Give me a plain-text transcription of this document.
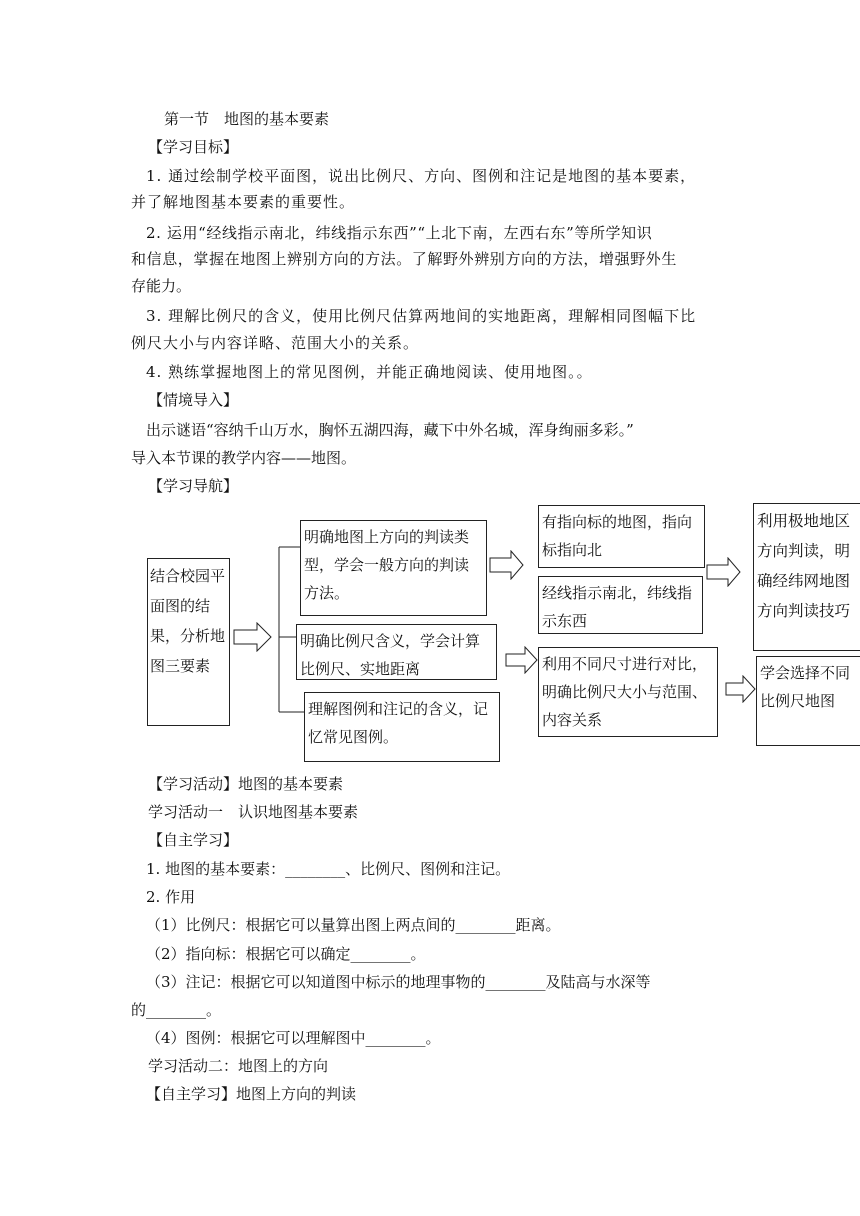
第一节　地图的基本要素
【学习目标】
1. 通过绘制学校平面图，说出比例尺、方向、图例和注记是地图的基本要素，
并了解地图基本要素的重要性。
2. 运用“经线指示南北，纬线指示东西”“上北下南，左西右东”等所学知识
和信息，掌握在地图上辨别方向的方法。了解野外辨别方向的方法，增强野外生
存能力。
3. 理解比例尺的含义，使用比例尺估算两地间的实地距离，理解相同图幅下比
例尺大小与内容详略、范围大小的关系。
4. 熟练掌握地图上的常见图例，并能正确地阅读、使用地图。。
【情境导入】
出示谜语“容纳千山万水，胸怀五湖四海，藏下中外名城，浑身绚丽多彩。”
导入本节课的教学内容——地图。
【学习导航】
结合校园平面图的结果，分析地图三要素
明确地图上方向的判读类型，学会一般方向的判读方法。
明确比例尺含义，学会计算比例尺、实地距离
理解图例和注记的含义，记忆常见图例。
有指向标的地图，指向标指向北
经线指示南北，纬线指示东西
利用极地地区方向判读，明确经纬网地图方向判读技巧
利用不同尺寸进行对比，明确比例尺大小与范围、内容关系
学会选择不同比例尺地图
【学习活动】地图的基本要素
学习活动一　认识地图基本要素
【自主学习】
1. 地图的基本要素：________、比例尺、图例和注记。
2. 作用
（1）比例尺：根据它可以量算出图上两点间的________距离。
（2）指向标：根据它可以确定________。
（3）注记：根据它可以知道图中标示的地理事物的________及陆高与水深等
的________。
（4）图例：根据它可以理解图中________。
学习活动二：地图上的方向
【自主学习】地图上方向的判读
